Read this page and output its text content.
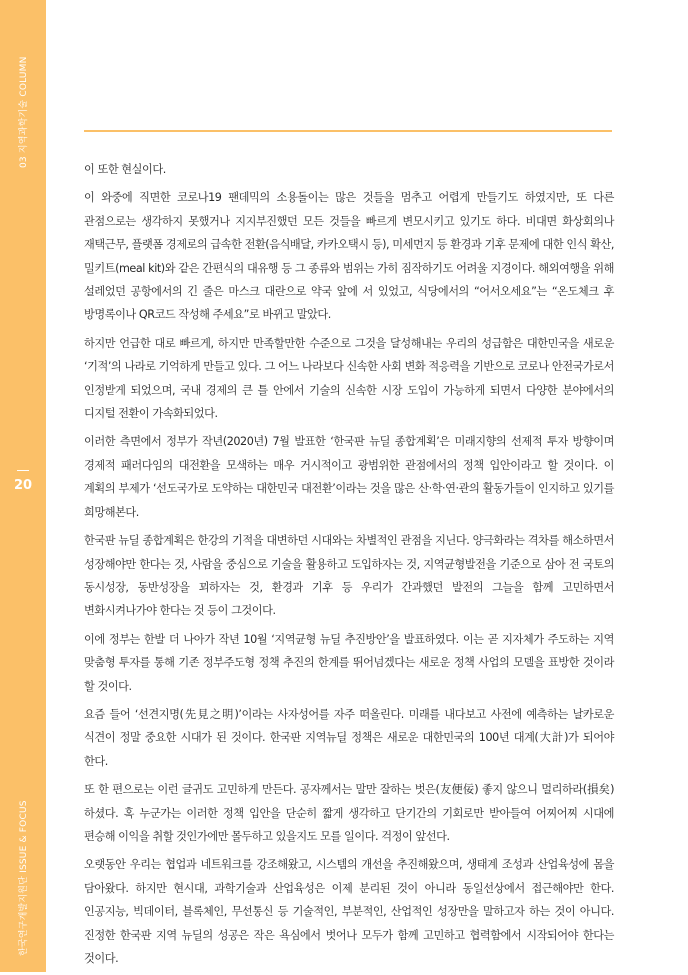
03 지역과학기술 COLUMN
20
한국연구개발지원단 ISSUE & FOCUS

이 또한 현실이다.

이 와중에 직면한 코로나19 팬데믹의 소용돌이는 많은 것들을 멈추고 어렵게 만들기도 하였지만, 또 다른 관점으로는 생각하지 못했거나 지지부진했던 모든 것들을 빠르게 변모시키고 있기도 하다. 비대면 화상회의나 재택근무, 플랫폼 경제로의 급속한 전환(음식배달, 카카오택시 등), 미세먼지 등 환경과 기후 문제에 대한 인식 확산, 밀키트(meal kit)와 같은 간편식의 대유행 등 그 종류와 범위는 가히 짐작하기도 어려울 지경이다. 해외여행을 위해 설레었던 공항에서의 긴 줄은 마스크 대란으로 약국 앞에 서 있었고, 식당에서의 “어서오세요”는 “온도체크 후 방명록이나 QR코드 작성해 주세요”로 바뀌고 말았다.

하지만 언급한 대로 빠르게, 하지만 만족할만한 수준으로 그것을 달성해내는 우리의 성급함은 대한민국을 새로운 ‘기적’의 나라로 기억하게 만들고 있다. 그 어느 나라보다 신속한 사회 변화 적응력을 기반으로 코로나 안전국가로서 인정받게 되었으며, 국내 경제의 큰 틀 안에서 기술의 신속한 시장 도입이 가능하게 되면서 다양한 분야에서의 디지털 전환이 가속화되었다.

이러한 측면에서 정부가 작년(2020년) 7월 발표한 ‘한국판 뉴딜 종합계획’은 미래지향의 선제적 투자 방향이며 경제적 패러다임의 대전환을 모색하는 매우 거시적이고 광범위한 관점에서의 정책 입안이라고 할 것이다. 이 계획의 부제가 ‘선도국가로 도약하는 대한민국 대전환’이라는 것을 많은 산·학·연·관의 활동가들이 인지하고 있기를 희망해본다.

한국판 뉴딜 종합계획은 한강의 기적을 대변하던 시대와는 차별적인 관점을 지닌다. 양극화라는 격차를 해소하면서 성장해야만 한다는 것, 사람을 중심으로 기술을 활용하고 도입하자는 것, 지역균형발전을 기준으로 삼아 전 국토의 동시성장, 동반성장을 꾀하자는 것, 환경과 기후 등 우리가 간과했던 발전의 그늘을 함께 고민하면서 변화시켜나가야 한다는 것 등이 그것이다.

이에 정부는 한발 더 나아가 작년 10월 ‘지역균형 뉴딜 추진방안’을 발표하였다. 이는 곧 지자체가 주도하는 지역 맞춤형 투자를 통해 기존 정부주도형 정책 추진의 한계를 뛰어넘겠다는 새로운 정책 사업의 모델을 표방한 것이라 할 것이다.

요즘 들어 ‘선견지명(先見之明)’이라는 사자성어를 자주 떠올린다. 미래를 내다보고 사전에 예측하는 날카로운 식견이 정말 중요한 시대가 된 것이다. 한국판 지역뉴딜 정책은 새로운 대한민국의 100년 대계(大計)가 되어야 한다.

또 한 편으로는 이런 글귀도 고민하게 만든다. 공자께서는 말만 잘하는 벗은(友便佞) 좋지 않으니 멀리하라(損矣) 하셨다. 혹 누군가는 이러한 정책 입안을 단순히 짧게 생각하고 단기간의 기회로만 받아들여 어찌어찌 시대에 편승해 이익을 취할 것인가에만 몰두하고 있을지도 모를 일이다. 걱정이 앞선다.

오랫동안 우리는 협업과 네트워크를 강조해왔고, 시스템의 개선을 추진해왔으며, 생태계 조성과 산업육성에 몸을 담아왔다. 하지만 현시대, 과학기술과 산업육성은 이제 분리된 것이 아니라 동일선상에서 접근해야만 한다. 인공지능, 빅데이터, 블록체인, 무선통신 등 기술적인, 부분적인, 산업적인 성장만을 말하고자 하는 것이 아니다. 진정한 한국판 지역 뉴딜의 성공은 작은 욕심에서 벗어나 모두가 함께 고민하고 협력함에서 시작되어야 한다는 것이다.
